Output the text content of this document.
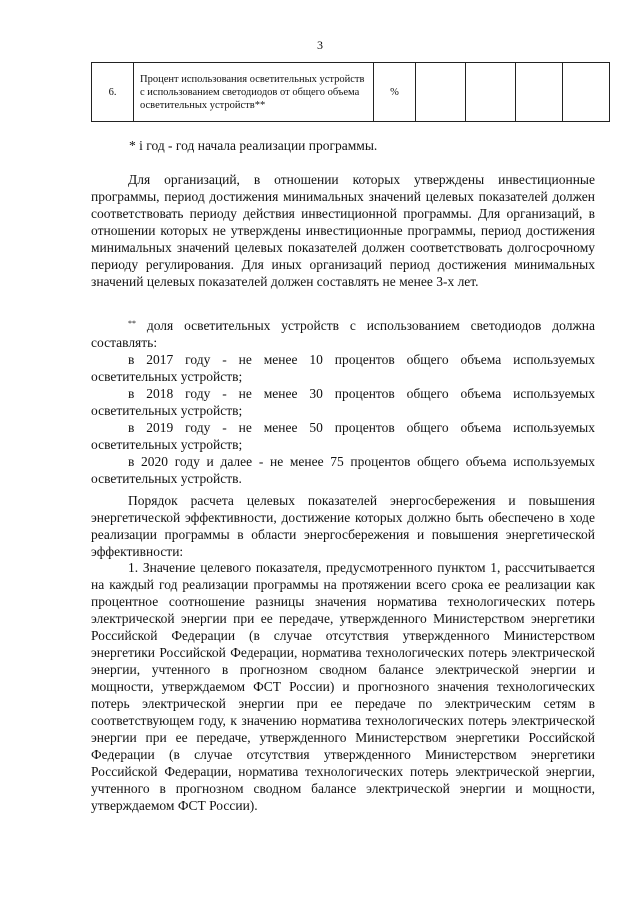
3
6.	Процент использования осветительных устройств с использованием светодиодов от общего объема осветительных устройств**	%				
* i год - год начала реализации программы.

Для организаций, в отношении которых утверждены инвестиционные программы, период достижения минимальных значений целевых показателей должен соответствовать периоду действия инвестиционной программы. Для организаций, в отношении которых не утверждены инвестиционные программы, период достижения минимальных значений целевых показателей должен соответствовать долгосрочному периоду регулирования. Для иных организаций период достижения минимальных значений целевых показателей должен составлять не менее 3-х лет.

** доля осветительных устройств с использованием светодиодов должна составлять:

в 2017 году - не менее 10 процентов общего объема используемых осветительных устройств;

в 2018 году - не менее 30 процентов общего объема используемых осветительных устройств;

в 2019 году - не менее 50 процентов общего объема используемых осветительных устройств;

в 2020 году и далее - не менее 75 процентов общего объема используемых осветительных устройств.

Порядок расчета целевых показателей энергосбережения и повышения энергетической эффективности, достижение которых должно быть обеспечено в ходе реализации программы в области энергосбережения и повышения энергетической эффективности:

1. Значение целевого показателя, предусмотренного пунктом 1, рассчитывается на каждый год реализации программы на протяжении всего срока ее реализации как процентное соотношение разницы значения норматива технологических потерь электрической энергии при ее передаче, утвержденного Министерством энергетики Российской Федерации (в случае отсутствия утвержденного Министерством энергетики Российской Федерации, норматива технологических потерь электрической энергии, учтенного в прогнозном сводном балансе электрической энергии и мощности, утверждаемом ФСТ России) и прогнозного значения технологических потерь электрической энергии при ее передаче по электрическим сетям в соответствующем году, к значению норматива технологических потерь электрической энергии при ее передаче, утвержденного Министерством энергетики Российской Федерации (в случае отсутствия утвержденного Министерством энергетики Российской Федерации, норматива технологических потерь электрической энергии, учтенного в прогнозном сводном балансе электрической энергии и мощности, утверждаемом ФСТ России).
